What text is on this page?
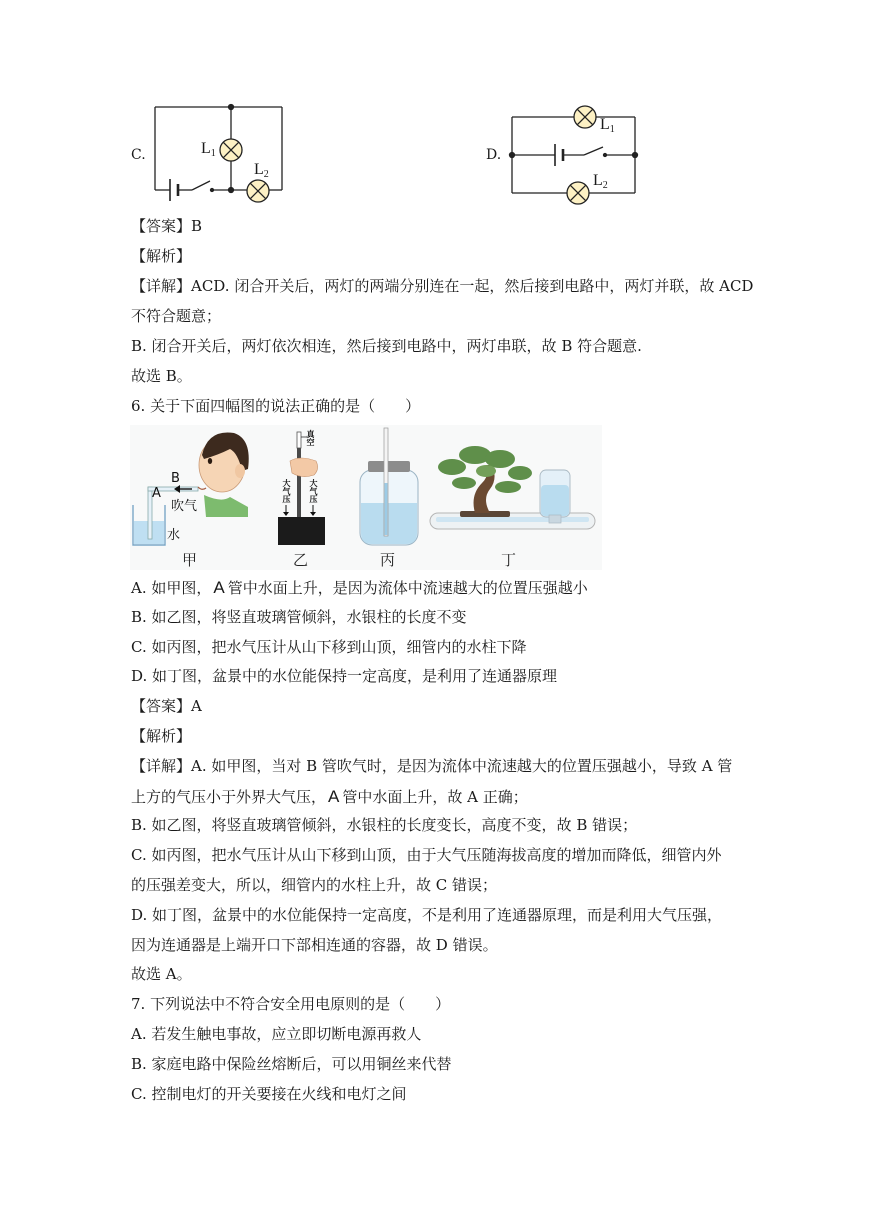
C.	$L_1$
$L_2$
D.
$L_1$
$L_2$
【答案】B
【解析】
【详解】ACD. 闭合开关后，两灯的两端分别连在一起，然后接到电路中，两灯并联，故 ACD
不符合题意；
B. 闭合开关后，两灯依次相连，然后接到电路中，两灯串联，故 B 符合题意.
故选 B。
6. 关于下面四幅图的说法正确的是（　　）
B
A
吹气
水
真空
大气压 大气压
甲	乙	丙	丁
A. 如甲图， A 管中水面上升，是因为流体中流速越大的位置压强越小
B. 如乙图，将竖直玻璃管倾斜，水银柱的长度不变
C. 如丙图，把水气压计从山下移到山顶，细管内的水柱下降
D. 如丁图，盆景中的水位能保持一定高度，是利用了连通器原理
【答案】A
【解析】
【详解】A. 如甲图，当对 B 管吹气时，是因为流体中流速越大的位置压强越小，导致 A 管
上方的气压小于外界大气压， A 管中水面上升，故 A 正确；
B. 如乙图，将竖直玻璃管倾斜，水银柱的长度变长，高度不变，故 B 错误；
C. 如丙图，把水气压计从山下移到山顶，由于大气压随海拔高度的增加而降低，细管内外
的压强差变大，所以，细管内的水柱上升，故 C 错误；
D. 如丁图，盆景中的水位能保持一定高度，不是利用了连通器原理，而是利用大气压强，
因为连通器是上端开口下部相连通的容器，故 D 错误。
故选 A。
7. 下列说法中不符合安全用电原则的是（　　）
A. 若发生触电事故，应立即切断电源再救人
B. 家庭电路中保险丝熔断后，可以用铜丝来代替
C. 控制电灯的开关要接在火线和电灯之间
